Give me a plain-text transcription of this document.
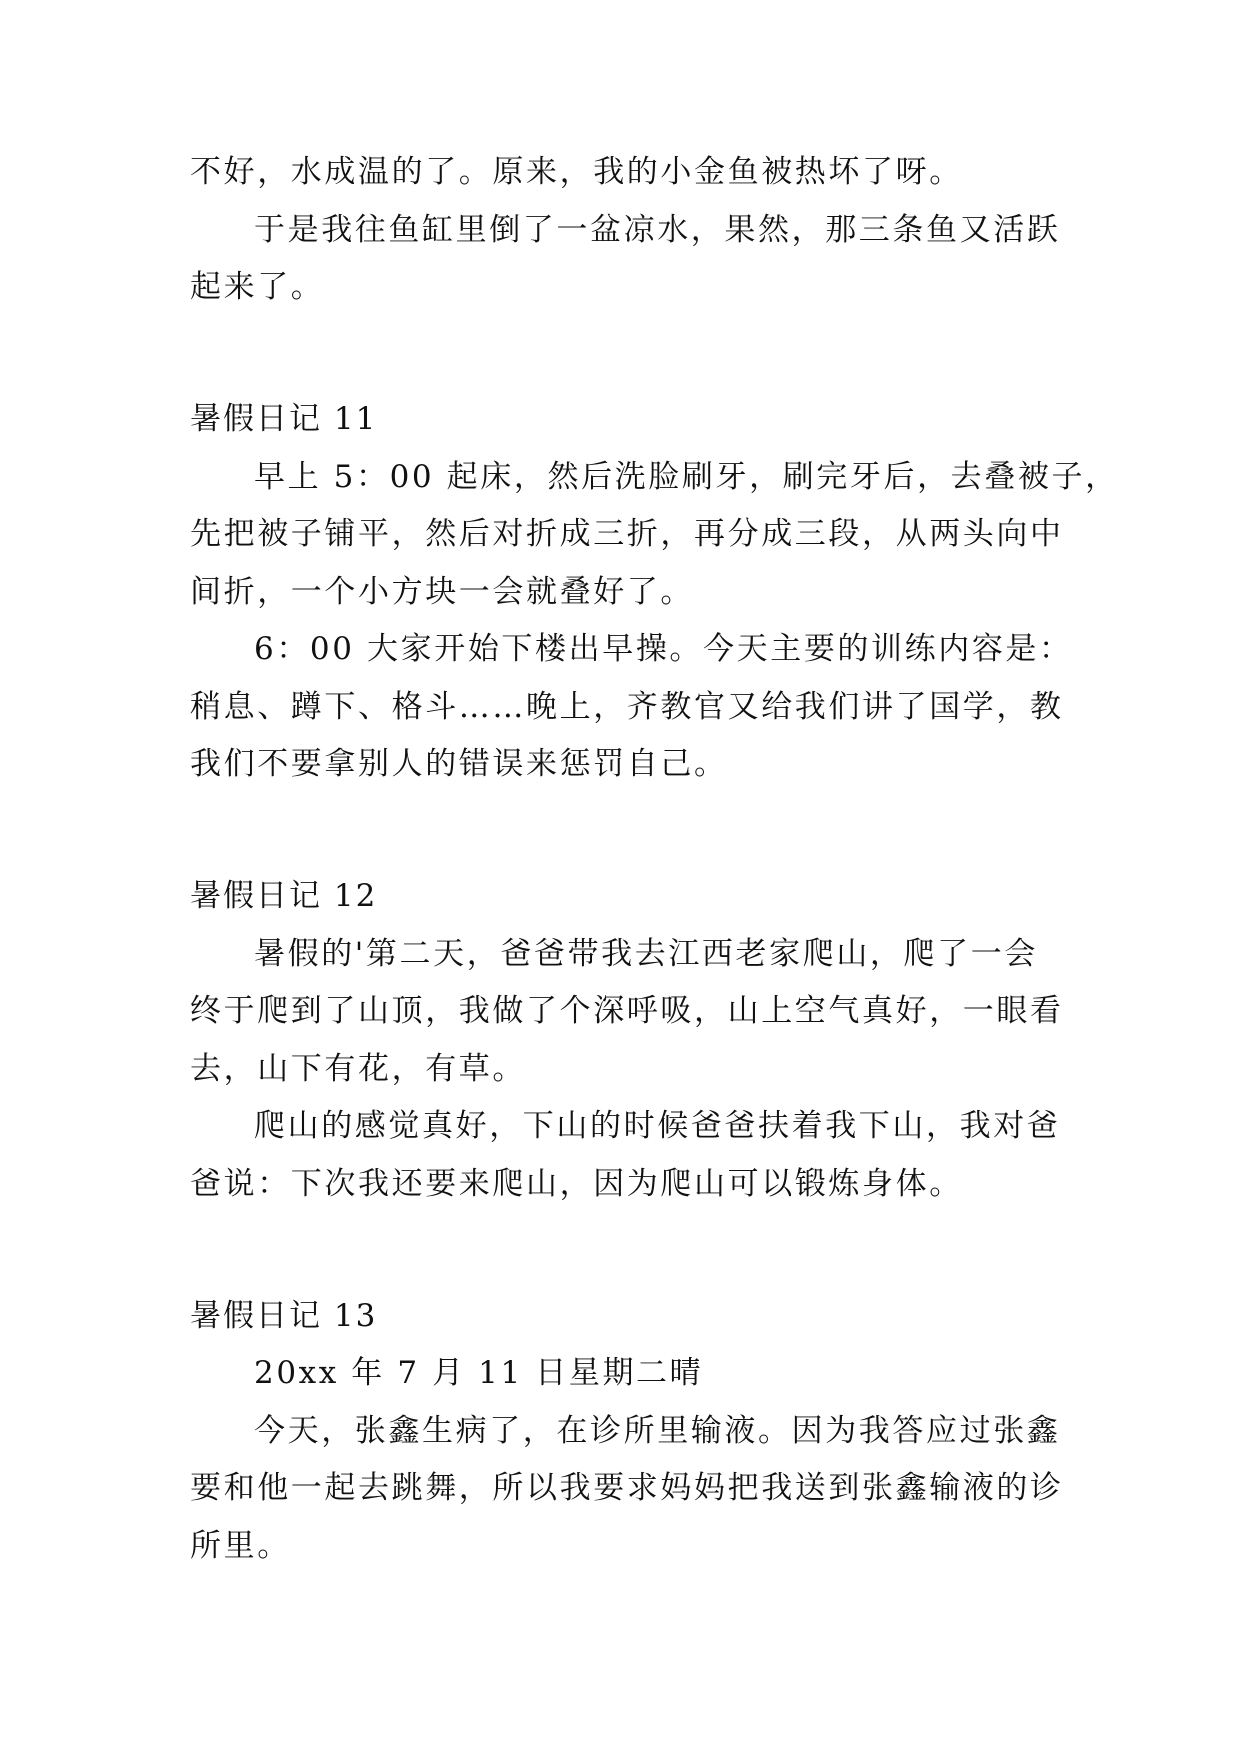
不好，水成温的了。原来，我的小金鱼被热坏了呀。

于是我往鱼缸里倒了一盆凉水，果然，那三条鱼又活跃

起来了。

暑假日记 11

早上 5：00 起床，然后洗脸刷牙，刷完牙后，去叠被子，

先把被子铺平，然后对折成三折，再分成三段，从两头向中

间折，一个小方块一会就叠好了。

6：00 大家开始下楼出早操。今天主要的训练内容是：

稍息、蹲下、格斗……晚上，齐教官又给我们讲了国学，教

我们不要拿别人的错误来惩罚自己。

暑假日记 12

暑假的'第二天，爸爸带我去江西老家爬山，爬了一会

终于爬到了山顶，我做了个深呼吸，山上空气真好，一眼看

去，山下有花，有草。

爬山的感觉真好，下山的时候爸爸扶着我下山，我对爸

爸说：下次我还要来爬山，因为爬山可以锻炼身体。

暑假日记 13

20xx 年 7 月 11 日星期二晴

今天，张鑫生病了，在诊所里输液。因为我答应过张鑫

要和他一起去跳舞，所以我要求妈妈把我送到张鑫输液的诊

所里。
